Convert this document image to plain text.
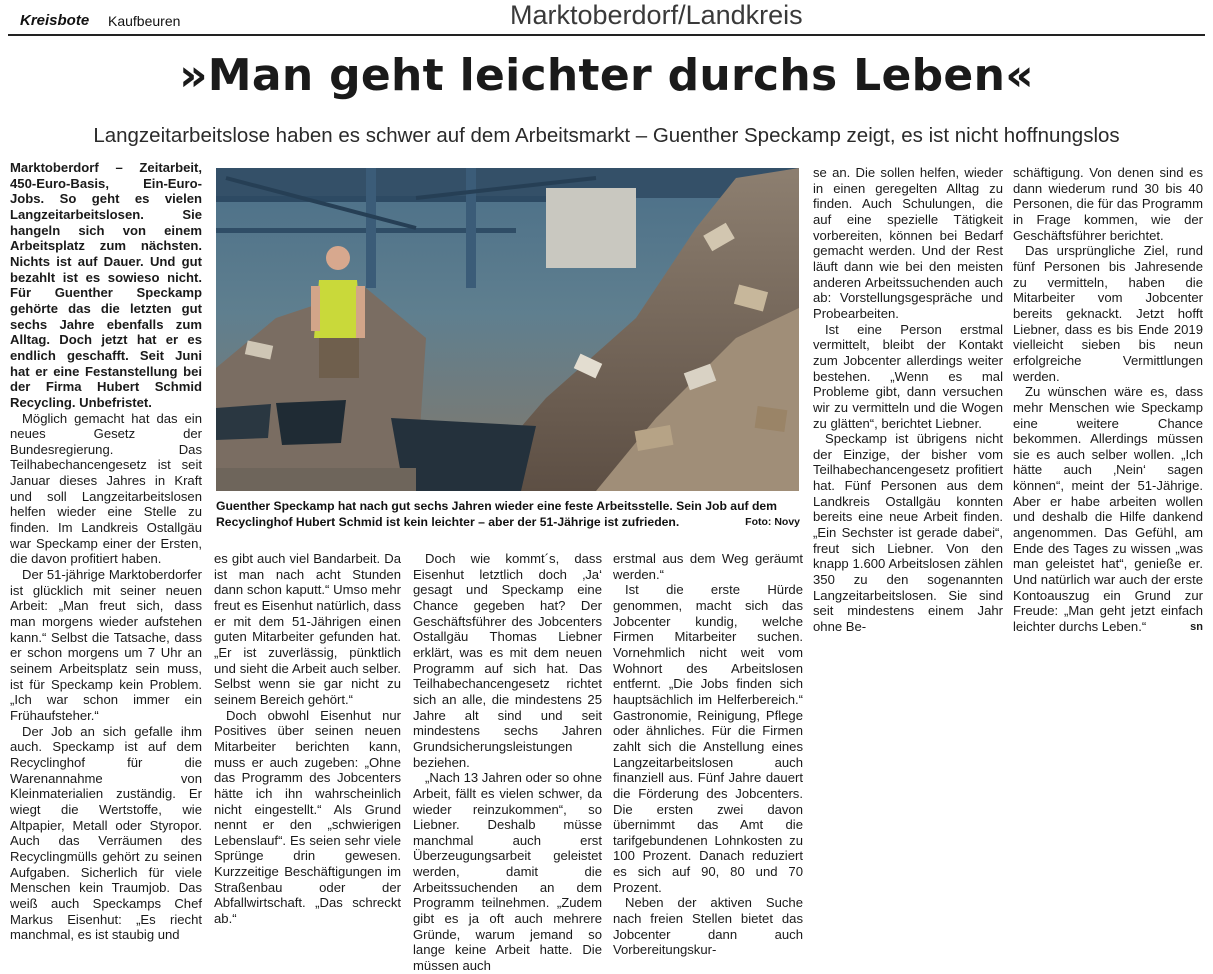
Kreisbote Kaufbeuren	Marktoberdorf/Landkreis
»Man geht leichter durchs Leben«
Langzeitarbeitslose haben es schwer auf dem Arbeitsmarkt – Guenther Speckamp zeigt, es ist nicht hoffnungslos

Marktoberdorf – Zeitarbeit, 450-Euro-Basis, Ein-Euro-Jobs. So geht es vielen Langzeitarbeitslosen. Sie hangeln sich von einem Arbeitsplatz zum nächsten. Nichts ist auf Dauer. Und gut bezahlt ist es sowieso nicht. Für Guenther Speckamp gehörte das die letzten gut sechs Jahre ebenfalls zum Alltag. Doch jetzt hat er es endlich geschafft. Seit Juni hat er eine Festanstellung bei der Firma Hubert Schmid Recycling. Unbefristet.

Möglich gemacht hat das ein neues Gesetz der Bundesregierung. Das Teilhabechancengesetz ist seit Januar dieses Jahres in Kraft und soll Langzeitarbeitslosen helfen wieder eine Stelle zu finden. Im Landkreis Ostallgäu war Speckamp einer der Ersten, die davon profitiert haben.

Der 51-jährige Marktoberdorfer ist glücklich mit seiner neuen Arbeit: „Man freut sich, dass man morgens wieder aufstehen kann.“ Selbst die Tatsache, dass er schon morgens um 7 Uhr an seinem Arbeitsplatz sein muss, ist für Speckamp kein Problem. „Ich war schon immer ein Frühaufsteher.“

Der Job an sich gefalle ihm auch. Speckamp ist auf dem Recyclinghof für die Warenannahme von Kleinmaterialien zuständig. Er wiegt die Wertstoffe, wie Altpapier, Metall oder Styropor. Auch das Verräumen des Recyclingmülls gehört zu seinen Aufgaben. Sicherlich für viele Menschen kein Traumjob. Das weiß auch Speckamps Chef Markus Eisenhut: „Es riecht manchmal, es ist staubig und

Guenther Speckamp hat nach gut sechs Jahren wieder eine feste Arbeitsstelle. Sein Job auf dem Recyclinghof Hubert Schmid ist kein leichter – aber der 51-Jährige ist zufrieden.	Foto: Novy

es gibt auch viel Bandarbeit. Da ist man nach acht Stunden dann schon kaputt.“ Umso mehr freut es Eisenhut natürlich, dass er mit dem 51-Jährigen einen guten Mitarbeiter gefunden hat. „Er ist zuverlässig, pünktlich und sieht die Arbeit auch selber. Selbst wenn sie gar nicht zu seinem Bereich gehört.“

Doch obwohl Eisenhut nur Positives über seinen neuen Mitarbeiter berichten kann, muss er auch zugeben: „Ohne das Programm des Jobcenters hätte ich ihn wahrscheinlich nicht eingestellt.“ Als Grund nennt er den „schwierigen Lebenslauf“. Es seien sehr viele Sprünge drin gewesen. Kurzzeitige Beschäftigungen im Straßenbau oder der Abfallwirtschaft. „Das schreckt ab.“

Doch wie kommt´s, dass Eisenhut letztlich doch ‚Ja‘ gesagt und Speckamp eine Chance gegeben hat? Der Geschäftsführer des Jobcenters Ostallgäu Thomas Liebner erklärt, was es mit dem neuen Programm auf sich hat. Das Teilhabechancengesetz richtet sich an alle, die mindestens 25 Jahre alt sind und seit mindestens sechs Jahren Grundsicherungsleistungen beziehen.

„Nach 13 Jahren oder so ohne Arbeit, fällt es vielen schwer, da wieder reinzukommen“, so Liebner. Deshalb müsse manchmal auch erst Überzeugungsarbeit geleistet werden, damit die Arbeitssuchenden an dem Programm teilnehmen. „Zudem gibt es ja oft auch mehrere Gründe, warum jemand so lange keine Arbeit hatte. Die müssen auch

erstmal aus dem Weg geräumt werden.“

Ist die erste Hürde genommen, macht sich das Jobcenter kundig, welche Firmen Mitarbeiter suchen. Vornehmlich nicht weit vom Wohnort des Arbeitslosen entfernt. „Die Jobs finden sich hauptsächlich im Helferbereich.“ Gastronomie, Reinigung, Pflege oder ähnliches. Für die Firmen zahlt sich die Anstellung eines Langzeitarbeitslosen auch finanziell aus. Fünf Jahre dauert die Förderung des Jobcenters. Die ersten zwei davon übernimmt das Amt die tarifgebundenen Lohnkosten zu 100 Prozent. Danach reduziert es sich auf 90, 80 und 70 Prozent.

Neben der aktiven Suche nach freien Stellen bietet das Jobcenter dann auch Vorbereitungskur-

se an. Die sollen helfen, wieder in einen geregelten Alltag zu finden. Auch Schulungen, die auf eine spezielle Tätigkeit vorbereiten, können bei Bedarf gemacht werden. Und der Rest läuft dann wie bei den meisten anderen Arbeitssuchenden auch ab: Vorstellungsgespräche und Probearbeiten.

Ist eine Person erstmal vermittelt, bleibt der Kontakt zum Jobcenter allerdings weiter bestehen. „Wenn es mal Probleme gibt, dann versuchen wir zu vermitteln und die Wogen zu glätten“, berichtet Liebner.

Speckamp ist übrigens nicht der Einzige, der bisher vom Teilhabechancengesetz profitiert hat. Fünf Personen aus dem Landkreis Ostallgäu konnten bereits eine neue Arbeit finden. „Ein Sechster ist gerade dabei“, freut sich Liebner. Von den knapp 1.600 Arbeitslosen zählen 350 zu den sogenannten Langzeitarbeitslosen. Sie sind seit mindestens einem Jahr ohne Be-

schäftigung. Von denen sind es dann wiederum rund 30 bis 40 Personen, die für das Programm in Frage kommen, wie der Geschäftsführer berichtet.

Das ursprüngliche Ziel, rund fünf Personen bis Jahresende zu vermitteln, haben die Mitarbeiter vom Jobcenter bereits geknackt. Jetzt hofft Liebner, dass es bis Ende 2019 vielleicht sieben bis neun erfolgreiche Vermittlungen werden.

Zu wünschen wäre es, dass mehr Menschen wie Speckamp eine weitere Chance bekommen. Allerdings müssen sie es auch selber wollen. „Ich hätte auch ‚Nein‘ sagen können“, meint der 51-Jährige. Aber er habe arbeiten wollen und deshalb die Hilfe dankend angenommen. Das Gefühl, am Ende des Tages zu wissen „was man geleistet hat“, genieße er. Und natürlich war auch der erste Kontoauszug ein Grund zur Freude: „Man geht jetzt einfach leichter durchs Leben.“	sn
